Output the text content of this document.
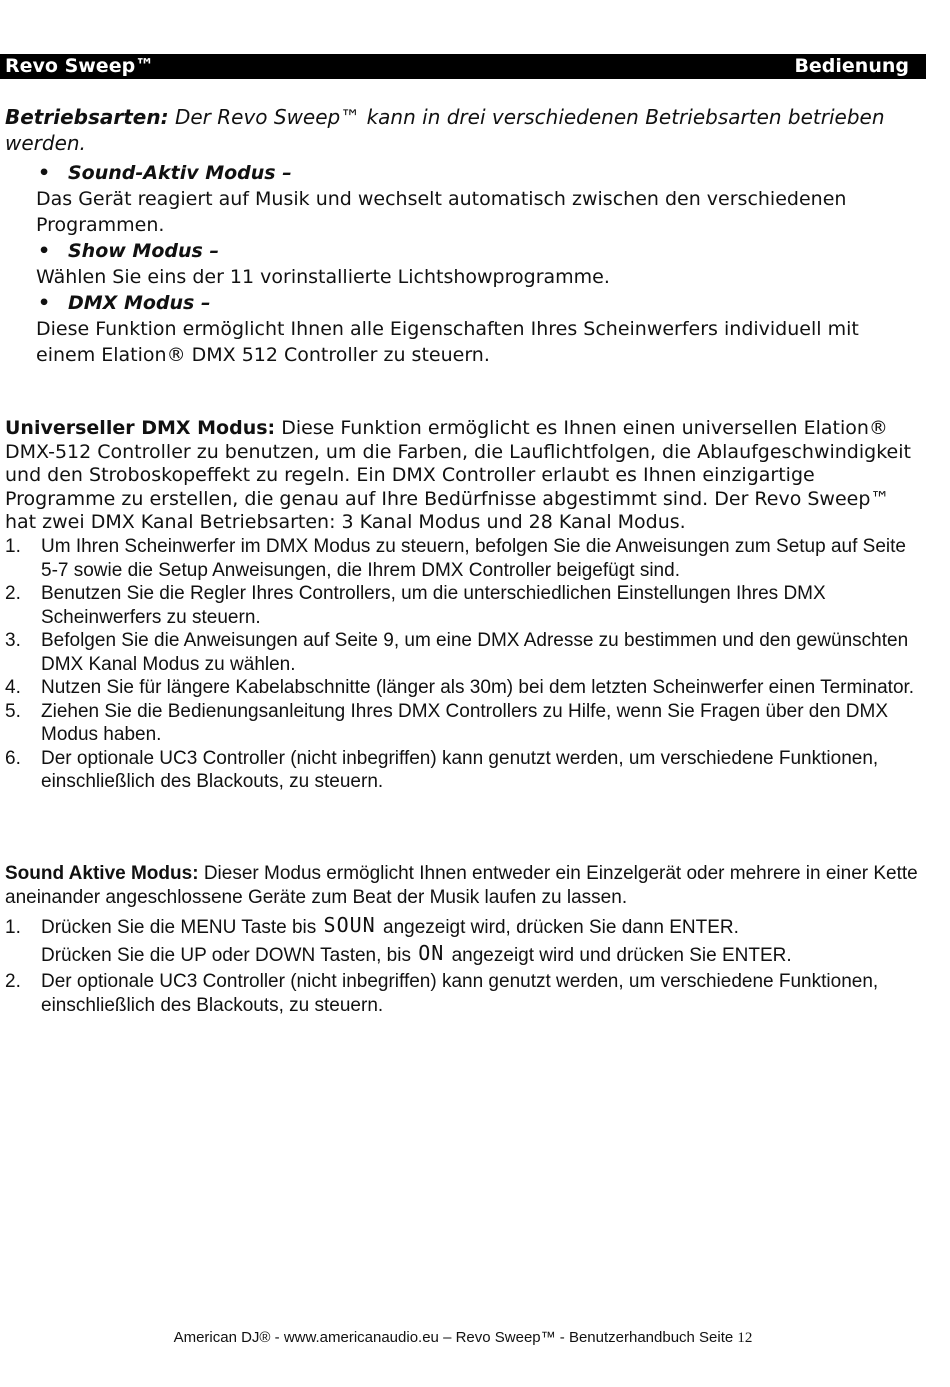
Revo Sweep™	Bedienung
Betriebsarten: Der Revo Sweep™ kann in drei verschiedenen Betriebsarten betrieben werden.
• Sound-Aktiv Modus –
Das Gerät reagiert auf Musik und wechselt automatisch zwischen den verschiedenen Programmen.
• Show Modus –
Wählen Sie eins der 11 vorinstallierte Lichtshowprogramme.
• DMX Modus –
Diese Funktion ermöglicht Ihnen alle Eigenschaften Ihres Scheinwerfers individuell mit einem Elation® DMX 512 Controller zu steuern.
Universeller DMX Modus: Diese Funktion ermöglicht es Ihnen einen universellen Elation® DMX-512 Controller zu benutzen, um die Farben, die Lauflichtfolgen, die Ablaufgeschwindigkeit und den Stroboskopeffekt zu regeln. Ein DMX Controller erlaubt es Ihnen einzigartige Programme zu erstellen, die genau auf Ihre Bedürfnisse abgestimmt sind. Der Revo Sweep™ hat zwei DMX Kanal Betriebsarten: 3 Kanal Modus und 28 Kanal Modus.
1. Um Ihren Scheinwerfer im DMX Modus zu steuern, befolgen Sie die Anweisungen zum Setup auf Seite 5-7 sowie die Setup Anweisungen, die Ihrem DMX Controller beigefügt sind.
2. Benutzen Sie die Regler Ihres Controllers, um die unterschiedlichen Einstellungen Ihres DMX Scheinwerfers zu steuern.
3. Befolgen Sie die Anweisungen auf Seite 9, um eine DMX Adresse zu bestimmen und den gewünschten DMX Kanal Modus zu wählen.
4. Nutzen Sie für längere Kabelabschnitte (länger als 30m) bei dem letzten Scheinwerfer einen Terminator.
5. Ziehen Sie die Bedienungsanleitung Ihres DMX Controllers zu Hilfe, wenn Sie Fragen über den DMX Modus haben.
6. Der optionale UC3 Controller (nicht inbegriffen) kann genutzt werden, um verschiedene Funktionen, einschließlich des Blackouts, zu steuern.
Sound Aktive Modus: Dieser Modus ermöglicht Ihnen entweder ein Einzelgerät oder mehrere in einer Kette aneinander angeschlossene Geräte zum Beat der Musik laufen zu lassen.
1. Drücken Sie die MENU Taste bis SOUN angezeigt wird, drücken Sie dann ENTER.
Drücken Sie die UP oder DOWN Tasten, bis ON angezeigt wird und drücken Sie ENTER.
2. Der optionale UC3 Controller (nicht inbegriffen) kann genutzt werden, um verschiedene Funktionen, einschließlich des Blackouts, zu steuern.
American DJ® - www.americanaudio.eu – Revo Sweep™ - Benutzerhandbuch Seite 12
